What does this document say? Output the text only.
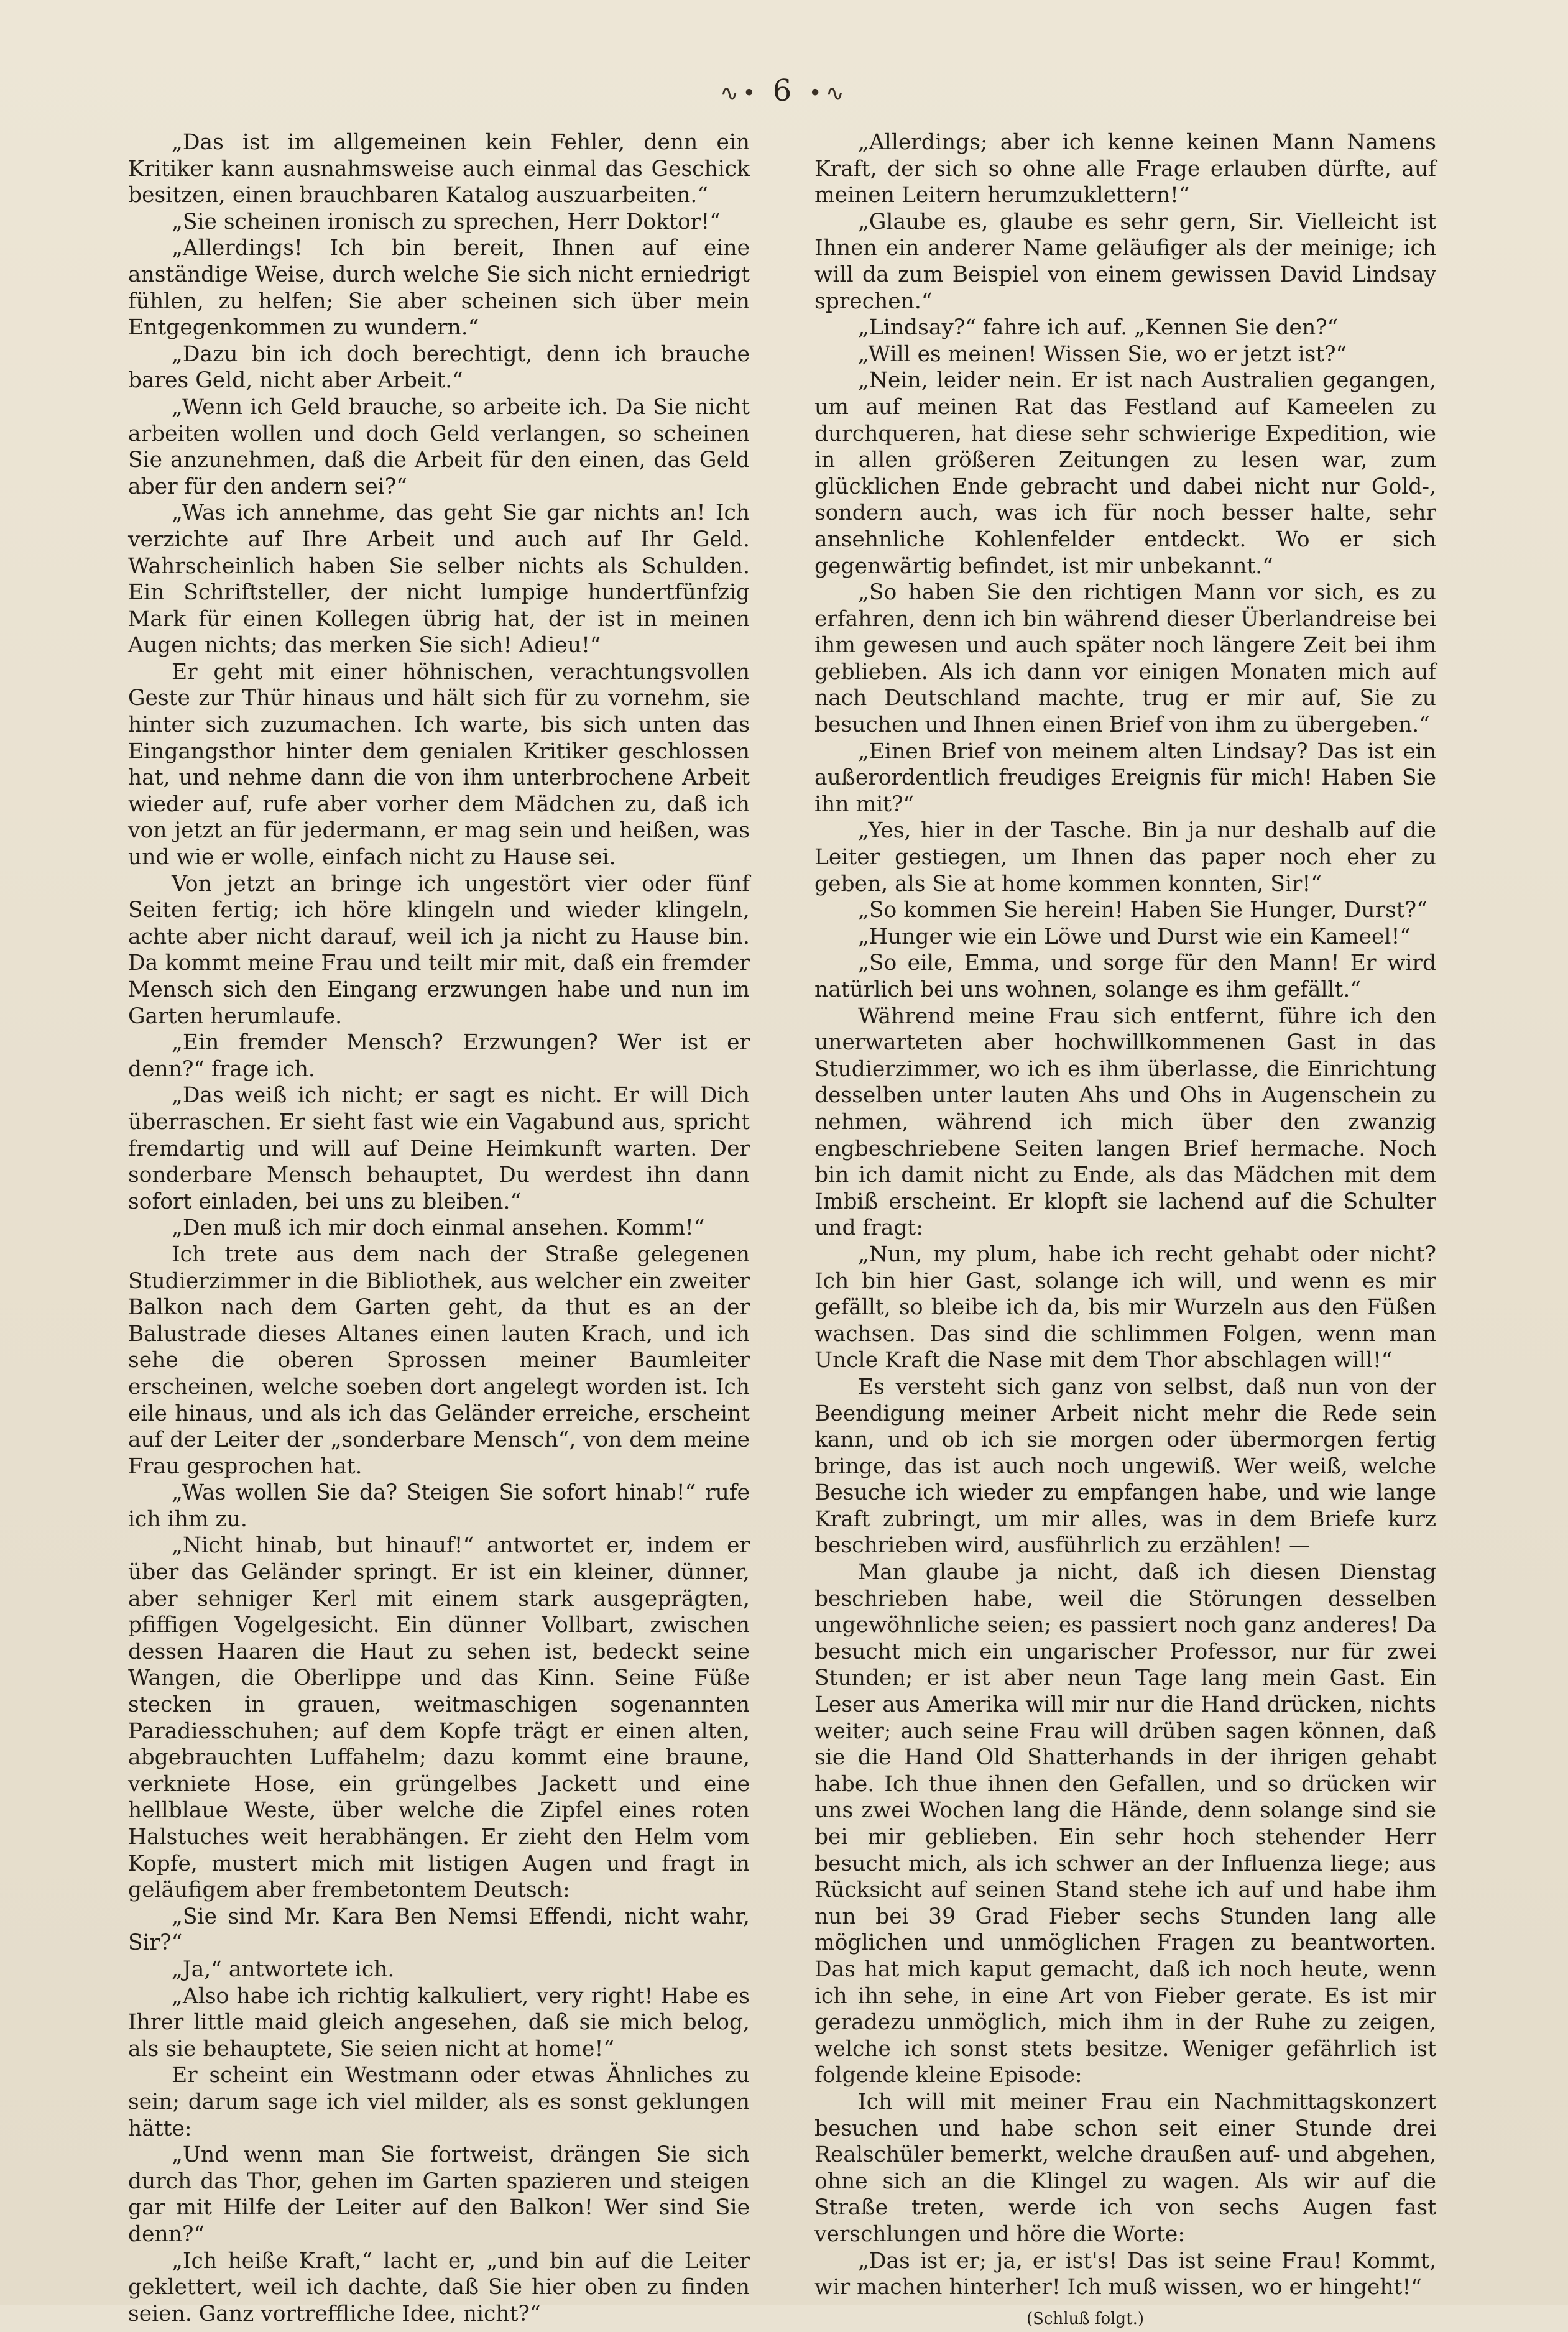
∿• 6 •∿

„Das ist im allgemeinen kein Fehler, denn ein Kritiker kann ausnahmsweise auch einmal das Geschick besitzen, einen brauchbaren Katalog auszuarbeiten.“

„Sie scheinen ironisch zu sprechen, Herr Doktor!“

„Allerdings! Ich bin bereit, Ihnen auf eine anständige Weise, durch welche Sie sich nicht erniedrigt fühlen, zu helfen; Sie aber scheinen sich über mein Entgegenkommen zu wundern.“

„Dazu bin ich doch berechtigt, denn ich brauche bares Geld, nicht aber Arbeit.“

„Wenn ich Geld brauche, so arbeite ich. Da Sie nicht arbeiten wollen und doch Geld verlangen, so scheinen Sie anzunehmen, daß die Arbeit für den einen, das Geld aber für den andern sei?“

„Was ich annehme, das geht Sie gar nichts an! Ich verzichte auf Ihre Arbeit und auch auf Ihr Geld. Wahrscheinlich haben Sie selber nichts als Schulden. Ein Schriftsteller, der nicht lumpige hundertfünfzig Mark für einen Kollegen übrig hat, der ist in meinen Augen nichts; das merken Sie sich! Adieu!“

Er geht mit einer höhnischen, verachtungsvollen Geste zur Thür hinaus und hält sich für zu vornehm, sie hinter sich zuzumachen. Ich warte, bis sich unten das Eingangsthor hinter dem genialen Kritiker geschlossen hat, und nehme dann die von ihm unterbrochene Arbeit wieder auf, rufe aber vorher dem Mädchen zu, daß ich von jetzt an für jedermann, er mag sein und heißen, was und wie er wolle, einfach nicht zu Hause sei.

Von jetzt an bringe ich ungestört vier oder fünf Seiten fertig; ich höre klingeln und wieder klingeln, achte aber nicht darauf, weil ich ja nicht zu Hause bin. Da kommt meine Frau und teilt mir mit, daß ein fremder Mensch sich den Eingang erzwungen habe und nun im Garten herumlaufe.

„Ein fremder Mensch? Erzwungen? Wer ist er denn?“ frage ich.

„Das weiß ich nicht; er sagt es nicht. Er will Dich überraschen. Er sieht fast wie ein Vagabund aus, spricht fremdartig und will auf Deine Heimkunft warten. Der sonderbare Mensch behauptet, Du werdest ihn dann sofort einladen, bei uns zu bleiben.“

„Den muß ich mir doch einmal ansehen. Komm!“

Ich trete aus dem nach der Straße gelegenen Studierzimmer in die Bibliothek, aus welcher ein zweiter Balkon nach dem Garten geht, da thut es an der Balustrade dieses Altanes einen lauten Krach, und ich sehe die oberen Sprossen meiner Baumleiter erscheinen, welche soeben dort angelegt worden ist. Ich eile hinaus, und als ich das Geländer erreiche, erscheint auf der Leiter der „sonderbare Mensch“, von dem meine Frau gesprochen hat.

„Was wollen Sie da? Steigen Sie sofort hinab!“ rufe ich ihm zu.

„Nicht hinab, but hinauf!“ antwortet er, indem er über das Geländer springt. Er ist ein kleiner, dünner, aber sehniger Kerl mit einem stark ausgeprägten, pfiffigen Vogelgesicht. Ein dünner Vollbart, zwischen dessen Haaren die Haut zu sehen ist, bedeckt seine Wangen, die Oberlippe und das Kinn. Seine Füße stecken in grauen, weitmaschigen sogenannten Paradiesschuhen; auf dem Kopfe trägt er einen alten, abgebrauchten Luffahelm; dazu kommt eine braune, verkniete Hose, ein grüngelbes Jackett und eine hellblaue Weste, über welche die Zipfel eines roten Halstuches weit herabhängen. Er zieht den Helm vom Kopfe, mustert mich mit listigen Augen und fragt in geläufigem aber frembetontem Deutsch:

„Sie sind Mr. Kara Ben Nemsi Effendi, nicht wahr, Sir?“

„Ja,“ antwortete ich.

„Also habe ich richtig kalkuliert, very right! Habe es Ihrer little maid gleich angesehen, daß sie mich belog, als sie behauptete, Sie seien nicht at home!“

Er scheint ein Westmann oder etwas Ähnliches zu sein; darum sage ich viel milder, als es sonst geklungen hätte:

„Und wenn man Sie fortweist, drängen Sie sich durch das Thor, gehen im Garten spazieren und steigen gar mit Hilfe der Leiter auf den Balkon! Wer sind Sie denn?“

„Ich heiße Kraft,“ lacht er, „und bin auf die Leiter geklettert, weil ich dachte, daß Sie hier oben zu finden seien. Ganz vortreffliche Idee, nicht?“

„Allerdings; aber ich kenne keinen Mann Namens Kraft, der sich so ohne alle Frage erlauben dürfte, auf meinen Leitern herumzuklettern!“

„Glaube es, glaube es sehr gern, Sir. Vielleicht ist Ihnen ein anderer Name geläufiger als der meinige; ich will da zum Beispiel von einem gewissen David Lindsay sprechen.“

„Lindsay?“ fahre ich auf. „Kennen Sie den?“

„Will es meinen! Wissen Sie, wo er jetzt ist?“

„Nein, leider nein. Er ist nach Australien gegangen, um auf meinen Rat das Festland auf Kameelen zu durchqueren, hat diese sehr schwierige Expedition, wie in allen größeren Zeitungen zu lesen war, zum glücklichen Ende gebracht und dabei nicht nur Gold-, sondern auch, was ich für noch besser halte, sehr ansehnliche Kohlenfelder entdeckt. Wo er sich gegenwärtig befindet, ist mir unbekannt.“

„So haben Sie den richtigen Mann vor sich, es zu erfahren, denn ich bin während dieser Überlandreise bei ihm gewesen und auch später noch längere Zeit bei ihm geblieben. Als ich dann vor einigen Monaten mich auf nach Deutschland machte, trug er mir auf, Sie zu besuchen und Ihnen einen Brief von ihm zu übergeben.“

„Einen Brief von meinem alten Lindsay? Das ist ein außerordentlich freudiges Ereignis für mich! Haben Sie ihn mit?“

„Yes, hier in der Tasche. Bin ja nur deshalb auf die Leiter gestiegen, um Ihnen das paper noch eher zu geben, als Sie at home kommen konnten, Sir!“

„So kommen Sie herein! Haben Sie Hunger, Durst?“

„Hunger wie ein Löwe und Durst wie ein Kameel!“

„So eile, Emma, und sorge für den Mann! Er wird natürlich bei uns wohnen, solange es ihm gefällt.“

Während meine Frau sich entfernt, führe ich den unerwarteten aber hochwillkommenen Gast in das Studierzimmer, wo ich es ihm überlasse, die Einrichtung desselben unter lauten Ahs und Ohs in Augenschein zu nehmen, während ich mich über den zwanzig engbeschriebene Seiten langen Brief hermache. Noch bin ich damit nicht zu Ende, als das Mädchen mit dem Imbiß erscheint. Er klopft sie lachend auf die Schulter und fragt:

„Nun, my plum, habe ich recht gehabt oder nicht? Ich bin hier Gast, solange ich will, und wenn es mir gefällt, so bleibe ich da, bis mir Wurzeln aus den Füßen wachsen. Das sind die schlimmen Folgen, wenn man Uncle Kraft die Nase mit dem Thor abschlagen will!“

Es versteht sich ganz von selbst, daß nun von der Beendigung meiner Arbeit nicht mehr die Rede sein kann, und ob ich sie morgen oder übermorgen fertig bringe, das ist auch noch ungewiß. Wer weiß, welche Besuche ich wieder zu empfangen habe, und wie lange Kraft zubringt, um mir alles, was in dem Briefe kurz beschrieben wird, ausführlich zu erzählen! —

Man glaube ja nicht, daß ich diesen Dienstag beschrieben habe, weil die Störungen desselben ungewöhnliche seien; es passiert noch ganz anderes! Da besucht mich ein ungarischer Professor, nur für zwei Stunden; er ist aber neun Tage lang mein Gast. Ein Leser aus Amerika will mir nur die Hand drücken, nichts weiter; auch seine Frau will drüben sagen können, daß sie die Hand Old Shatterhands in der ihrigen gehabt habe. Ich thue ihnen den Gefallen, und so drücken wir uns zwei Wochen lang die Hände, denn solange sind sie bei mir geblieben. Ein sehr hoch stehender Herr besucht mich, als ich schwer an der Influenza liege; aus Rücksicht auf seinen Stand stehe ich auf und habe ihm nun bei 39 Grad Fieber sechs Stunden lang alle möglichen und unmöglichen Fragen zu beantworten. Das hat mich kaput gemacht, daß ich noch heute, wenn ich ihn sehe, in eine Art von Fieber gerate. Es ist mir geradezu unmöglich, mich ihm in der Ruhe zu zeigen, welche ich sonst stets besitze. Weniger gefährlich ist folgende kleine Episode:

Ich will mit meiner Frau ein Nachmittagskonzert besuchen und habe schon seit einer Stunde drei Realschüler bemerkt, welche draußen auf- und abgehen, ohne sich an die Klingel zu wagen. Als wir auf die Straße treten, werde ich von sechs Augen fast verschlungen und höre die Worte:

„Das ist er; ja, er ist's! Das ist seine Frau! Kommt, wir machen hinterher! Ich muß wissen, wo er hingeht!“

(Schluß folgt.)
